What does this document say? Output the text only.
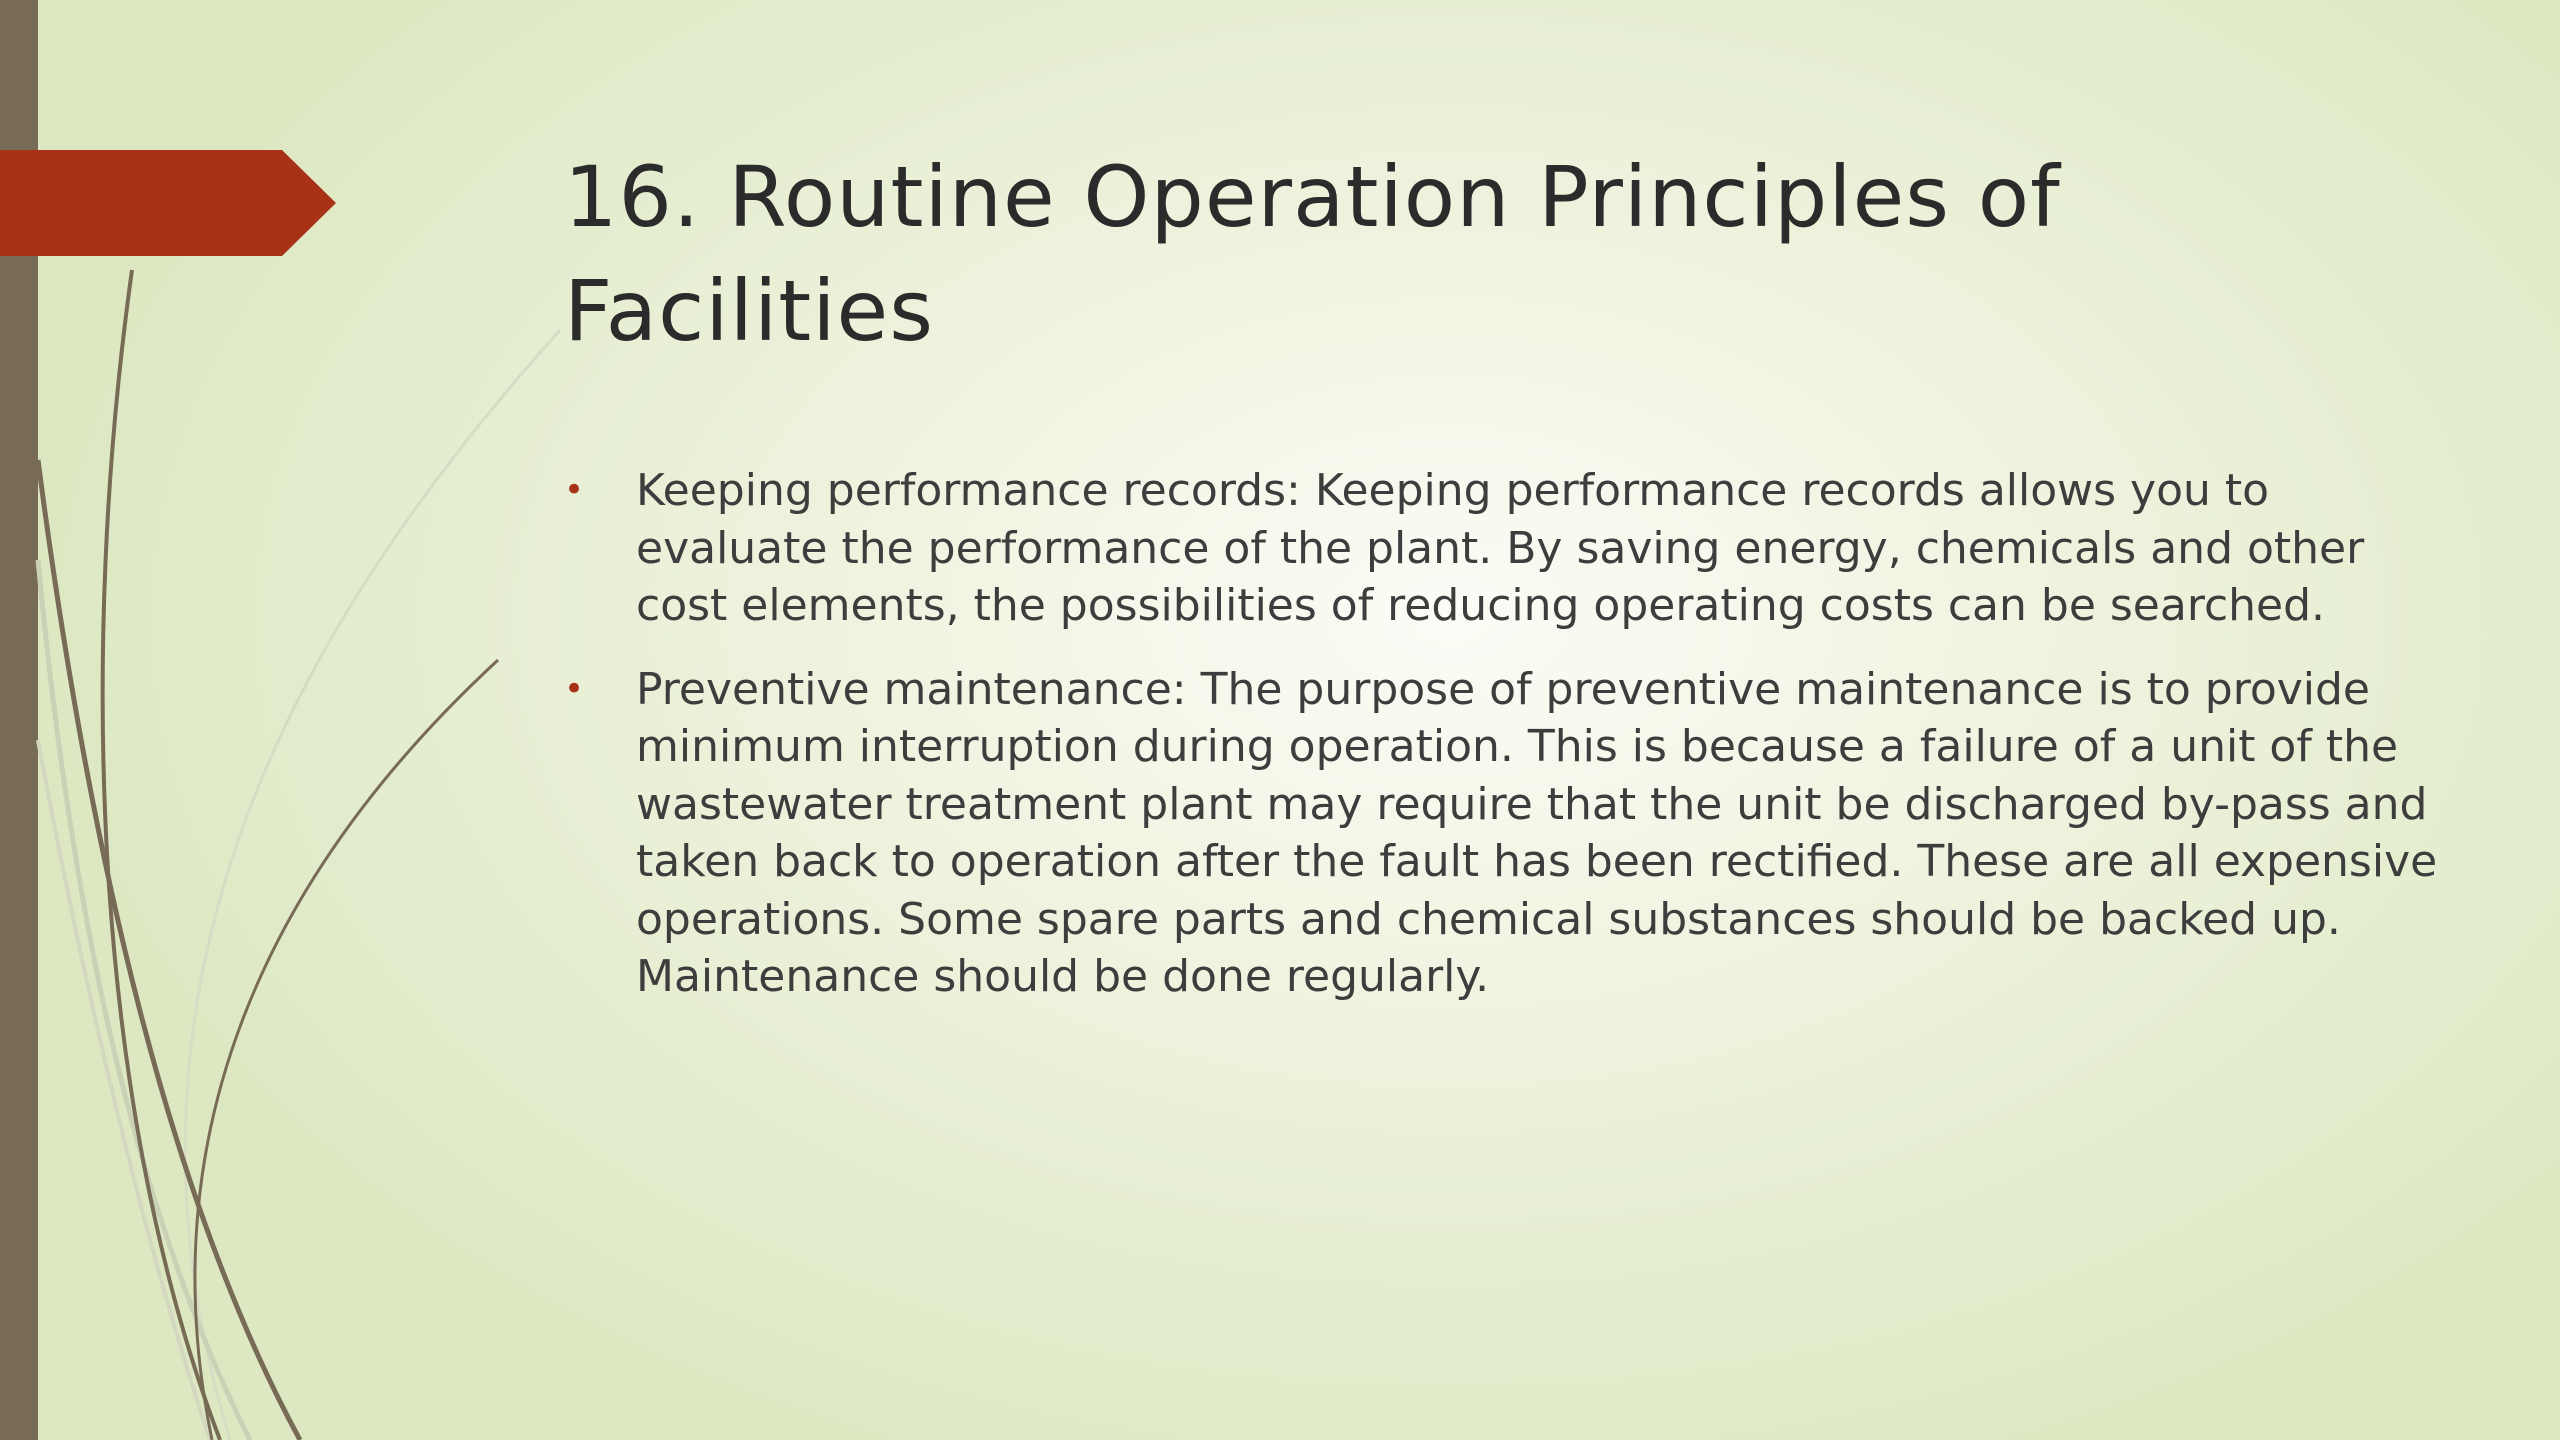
16. Routine Operation Principles of Facilities
• Keeping performance records: Keeping performance records allows you to evaluate the performance of the plant. By saving energy, chemicals and other cost elements, the possibilities of reducing operating costs can be searched.
• Preventive maintenance: The purpose of preventive maintenance is to provide minimum interruption during operation. This is because a failure of a unit of the wastewater treatment plant may require that the unit be discharged by-pass and taken back to operation after the fault has been rectified. These are all expensive operations. Some spare parts and chemical substances should be backed up. Maintenance should be done regularly.
